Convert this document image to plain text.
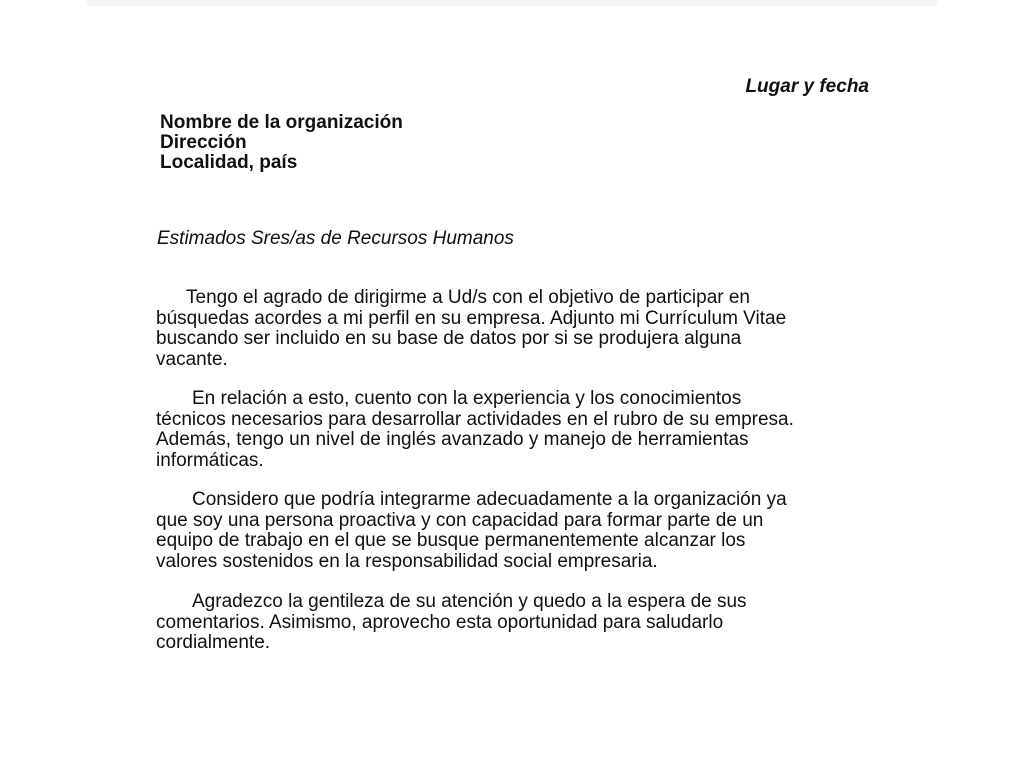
Lugar y fecha

Nombre de la organización
Dirección
Localidad, país

Estimados Sres/as de Recursos Humanos

Tengo el agrado de dirigirme a Ud/s con el objetivo de participar en
búsquedas acordes a mi perfil en su empresa. Adjunto mi Currículum Vitae
buscando ser incluido en su base de datos por si se produjera alguna
vacante.
En relación a esto, cuento con la experiencia y los conocimientos
técnicos necesarios para desarrollar actividades en el rubro de su empresa.
Además, tengo un nivel de inglés avanzado y manejo de herramientas
informáticas.
Considero que podría integrarme adecuadamente a la organización ya
que soy una persona proactiva y con capacidad para formar parte de un
equipo de trabajo en el que se busque permanentemente alcanzar los
valores sostenidos en la responsabilidad social empresaria.
Agradezco la gentileza de su atención y quedo a la espera de sus
comentarios. Asimismo, aprovecho esta oportunidad para saludarlo
cordialmente.
